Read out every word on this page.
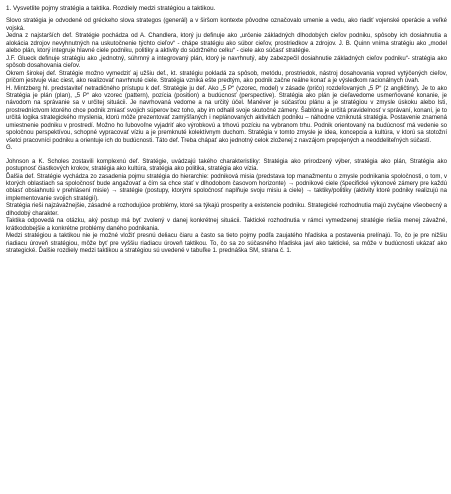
1. Vysvetlite pojmy stratégia a taktika. Rozdiely medzi stratégiou a taktikou.

Slovo stratégia je odvodené od gréckeho slova strategos (generál) a v širšom kontexte pôvodne označovalo umenie a vedu, ako riadiť vojenské operácie a veľké vojská.

Jedna z najstarších def. Stratégie pochádza od A. Chandlera, ktorý ju definuje ako „určenie základných dlhodobých cieľov podniku, spôsoby ich dosiahnutia a alokácia zdrojov nevyhnutných na uskutočnenie týchto cieľov“ - chápe stratégiu ako súbor cieľov, prostriedkov a zdrojov. J. B. Quinn vníma stratégiu ako „model alebo plán, ktorý integruje hlavné ciele podniku, politiky a aktivity do súdržného celku“ - ciele ako súčasť stratégie.

J.F. Glueck definuje stratégiu ako „jednotný, súhrnný a integrovaný plán, ktorý je navrhnutý, aby zabezpečil dosiahnutie základných cieľov podniku“- stratégia ako spôsob dosahovania cieľov.

Okrem širokej def. Stratégie možno vymedziť aj užšiu def., kt. stratégiu pokladá za spôsob, metódu, prostriedok, nástroj dosahovania vopred vytýčených cieľov, pričom jestvuje viac ciest, ako realizovať navrhnuté ciele. Stratégia vzniká ešte predtým, ako podnik začne reálne konať a je výsledkom racionálnych úvah.

H. Mintzberg hl. predstaviteľ netradičného prístupu k def. Stratégie ju def. Ako „5 P“ (vzorec, model) v zásade (pričo) rozdeľovaných „5 P“ (z angličtiny). Je to ako Stratégia je plán (plan), „5 P“ ako vzorec (pattern), pozícia (position) a budúcnosť (perspective). Stratégia ako plán je cieľavedome usmerňované konanie, je návodom na správanie sa v určitej situácii. Je navrhovaná vedome a na určitý účel. Manéver je súčasťou plánu a je stratégiou v zmysle úskoku alebo lsti, prostredníctvom ktorého chce podnik zmiasť svojich súperov bez toho, aby im odhalil svoje skutočné zámery. Šablóna je určitá pravidelnosť v správaní, konaní, je to určitá logika strategického myslenia, ktorú môže prezentovať zamýšľaných i neplánovaných aktivitách podniku – náhodne vzniknutá stratégia. Postavenie znamená umiestnenie podniku v prostredí. Možno ho ľubovoľne vyjadriť ako výrobkovú a trhovú pozíciu na vybranom trhu. Podnik orientovaný na budúcnosť má vedenie so spoločnou perspektívou, schopné vypracovať víziu a je premknuté kolektívnym duchom. Stratégia v tomto zmysle je idea, koncepcia a kultúra, v ktorú sa stotožní všetci pracovníci podniku a orientuje ich do budúcnosti. Táto def. Treba chápať ako jednotný celok zloženej z navzájom prepojených a neoddeliteľných súčastí.

G.

Johnson a K. Scholes zostavili komplexnú def. Stratégie, uvádzajú takého charakteristiky: Stratégia ako prirodzený výber, stratégia ako plán, Stratégia ako postupnosť čiastkových krokov, stratégia ako kultúra, stratégia ako politika, stratégia ako vízia.

Ďalšia def. Stratégie vychádza zo zasadenia pojmu stratégia do hierarchie: podniková misia (predstava top manažmentu o zmysle podnikania spoločnosti, o tom, v ktorých oblastiach sa spoločnosť bude angažovať a čím sa chce stať v dlhodobom časovom horizonte) → podnikové ciele (špecifické výkonové zámery pre každú oblasť obsiahnutú v prehlásení misie) → stratégie (postupy, ktorými spoločnosť naplňuje svoju misiu a ciele) → taktiky/politiky (aktivity ktoré podniky realizujú na implementovanie svojich stratégií).

Stratégia rieši najzávažnejšie, zásadné a rozhodujúce problémy, ktoré sa týkajú prosperity a existencie podniku. Strategické rozhodnutia majú zvyčajne všeobecný a dlhodobý charakter.

Taktika odpovedá na otázku, aký postup má byť zvolený v danej konkrétnej situácii. Taktické rozhodnutia v rámci vymedzenej stratégie riešia menej závažné, krátkodobejšie a konkrétne problémy daného podnikania.

Medzi stratégiou a taktikou nie je možné vložiť presnú deliacu čiaru a často sa tieto pojmy podľa zaujatého hľadiska a postavenia prelínajú. To, čo je pre nižšiu riadiacu úroveň stratégiou, môže byť pre vyššiu riadiacu úroveň taktikou. To, čo sa zo súčasného hľadiska javí ako taktické, sa môže v budúcnosti ukázať ako strategické. Ďalšie rozdiely medzi taktikou a stratégiou sú uvedené v tabuľke 1. prednáška SM, strana č. 1.
